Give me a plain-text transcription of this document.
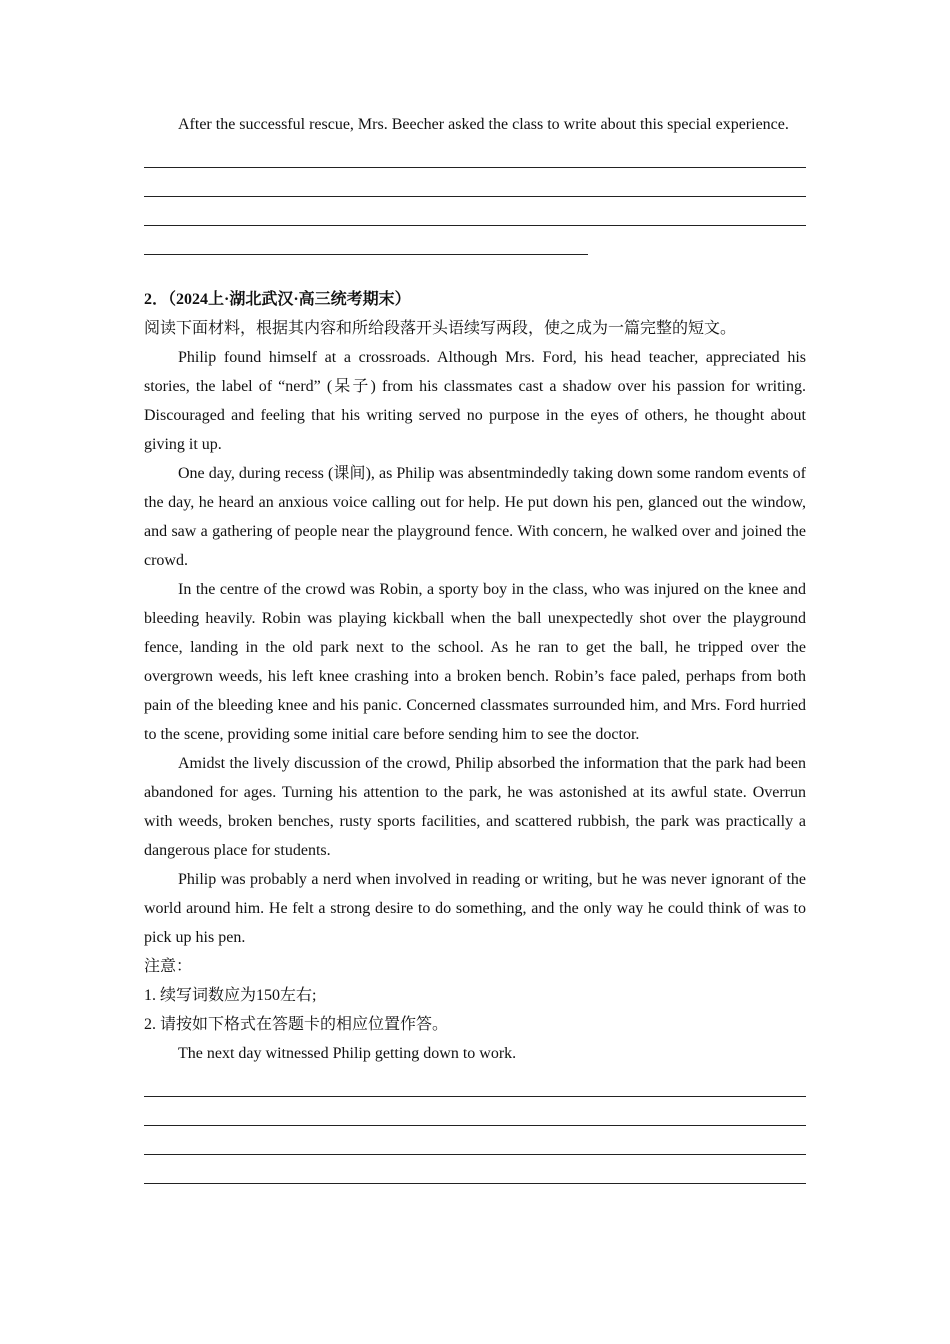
After the successful rescue, Mrs. Beecher asked the class to write about this special experience.

2．（2024上·湖北武汉·高三统考期末）

阅读下面材料，根据其内容和所给段落开头语续写两段，使之成为一篇完整的短文。

Philip found himself at a crossroads. Although Mrs. Ford, his head teacher, appreciated his stories, the label of “nerd” (呆子) from his classmates cast a shadow over his passion for writing. Discouraged and feeling that his writing served no purpose in the eyes of others, he thought about giving it up.

One day, during recess (课间), as Philip was absentmindedly taking down some random events of the day, he heard an anxious voice calling out for help. He put down his pen, glanced out the window, and saw a gathering of people near the playground fence. With concern, he walked over and joined the crowd.

In the centre of the crowd was Robin, a sporty boy in the class, who was injured on the knee and bleeding heavily. Robin was playing kickball when the ball unexpectedly shot over the playground fence, landing in the old park next to the school. As he ran to get the ball, he tripped over the overgrown weeds, his left knee crashing into a broken bench. Robin’s face paled, perhaps from both pain of the bleeding knee and his panic. Concerned classmates surrounded him, and Mrs. Ford hurried to the scene, providing some initial care before sending him to see the doctor.

Amidst the lively discussion of the crowd, Philip absorbed the information that the park had been abandoned for ages. Turning his attention to the park, he was astonished at its awful state. Overrun with weeds, broken benches, rusty sports facilities, and scattered rubbish, the park was practically a dangerous place for students.

Philip was probably a nerd when involved in reading or writing, but he was never ignorant of the world around him. He felt a strong desire to do something, and the only way he could think of was to pick up his pen.

注意：

1. 续写词数应为150左右;

2. 请按如下格式在答题卡的相应位置作答。

The next day witnessed Philip getting down to work.
